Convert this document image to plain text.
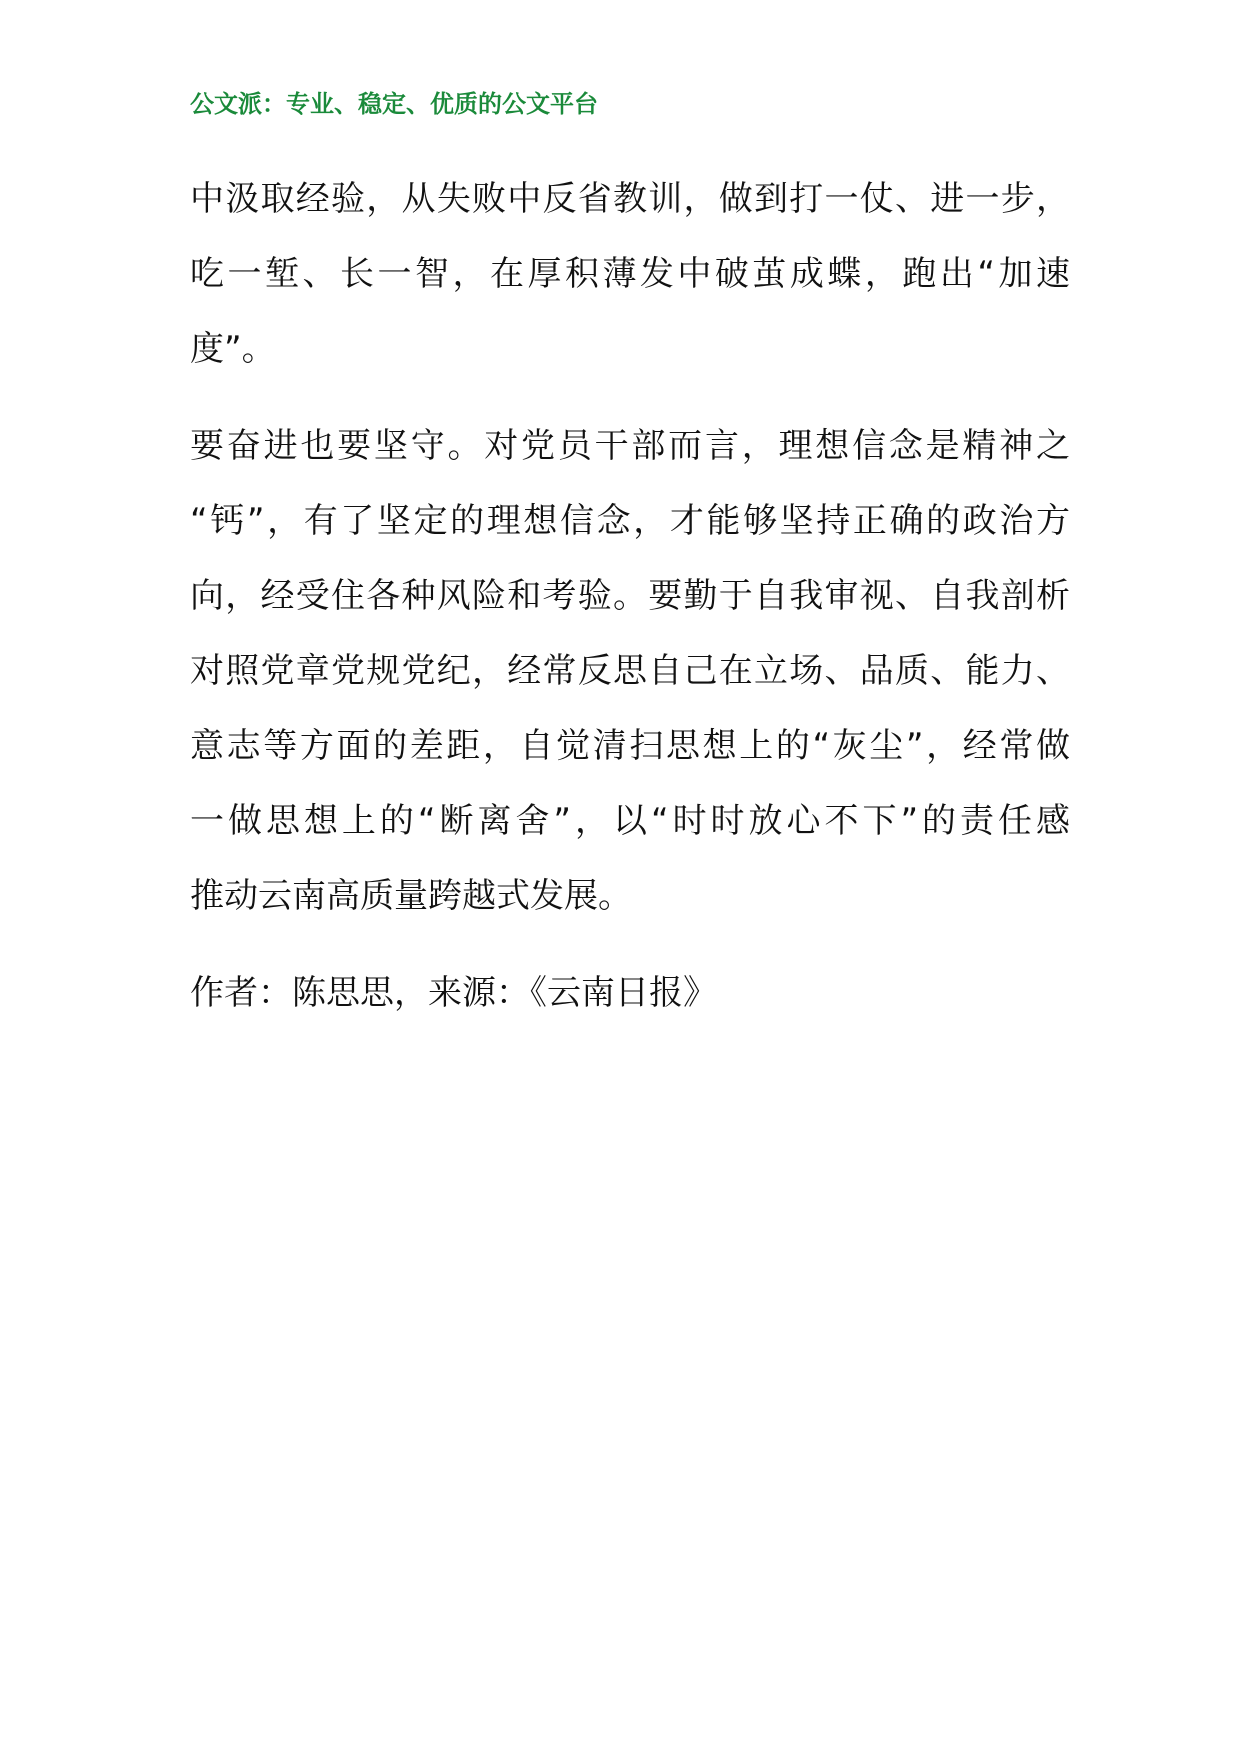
公文派：专业、稳定、优质的公文平台
中汲取经验，从失败中反省教训，做到打一仗、进一步，
吃一堑、长一智，在厚积薄发中破茧成蝶，跑出“加速
度”。
要奋进也要坚守。对党员干部而言，理想信念是精神之
“钙”，有了坚定的理想信念，才能够坚持正确的政治方
向，经受住各种风险和考验。要勤于自我审视、自我剖析
对照党章党规党纪，经常反思自己在立场、品质、能力、
意志等方面的差距，自觉清扫思想上的“灰尘”，经常做
一做思想上的“断离舍”，以“时时放心不下”的责任感
推动云南高质量跨越式发展。
作者：陈思思，来源：《云南日报》
